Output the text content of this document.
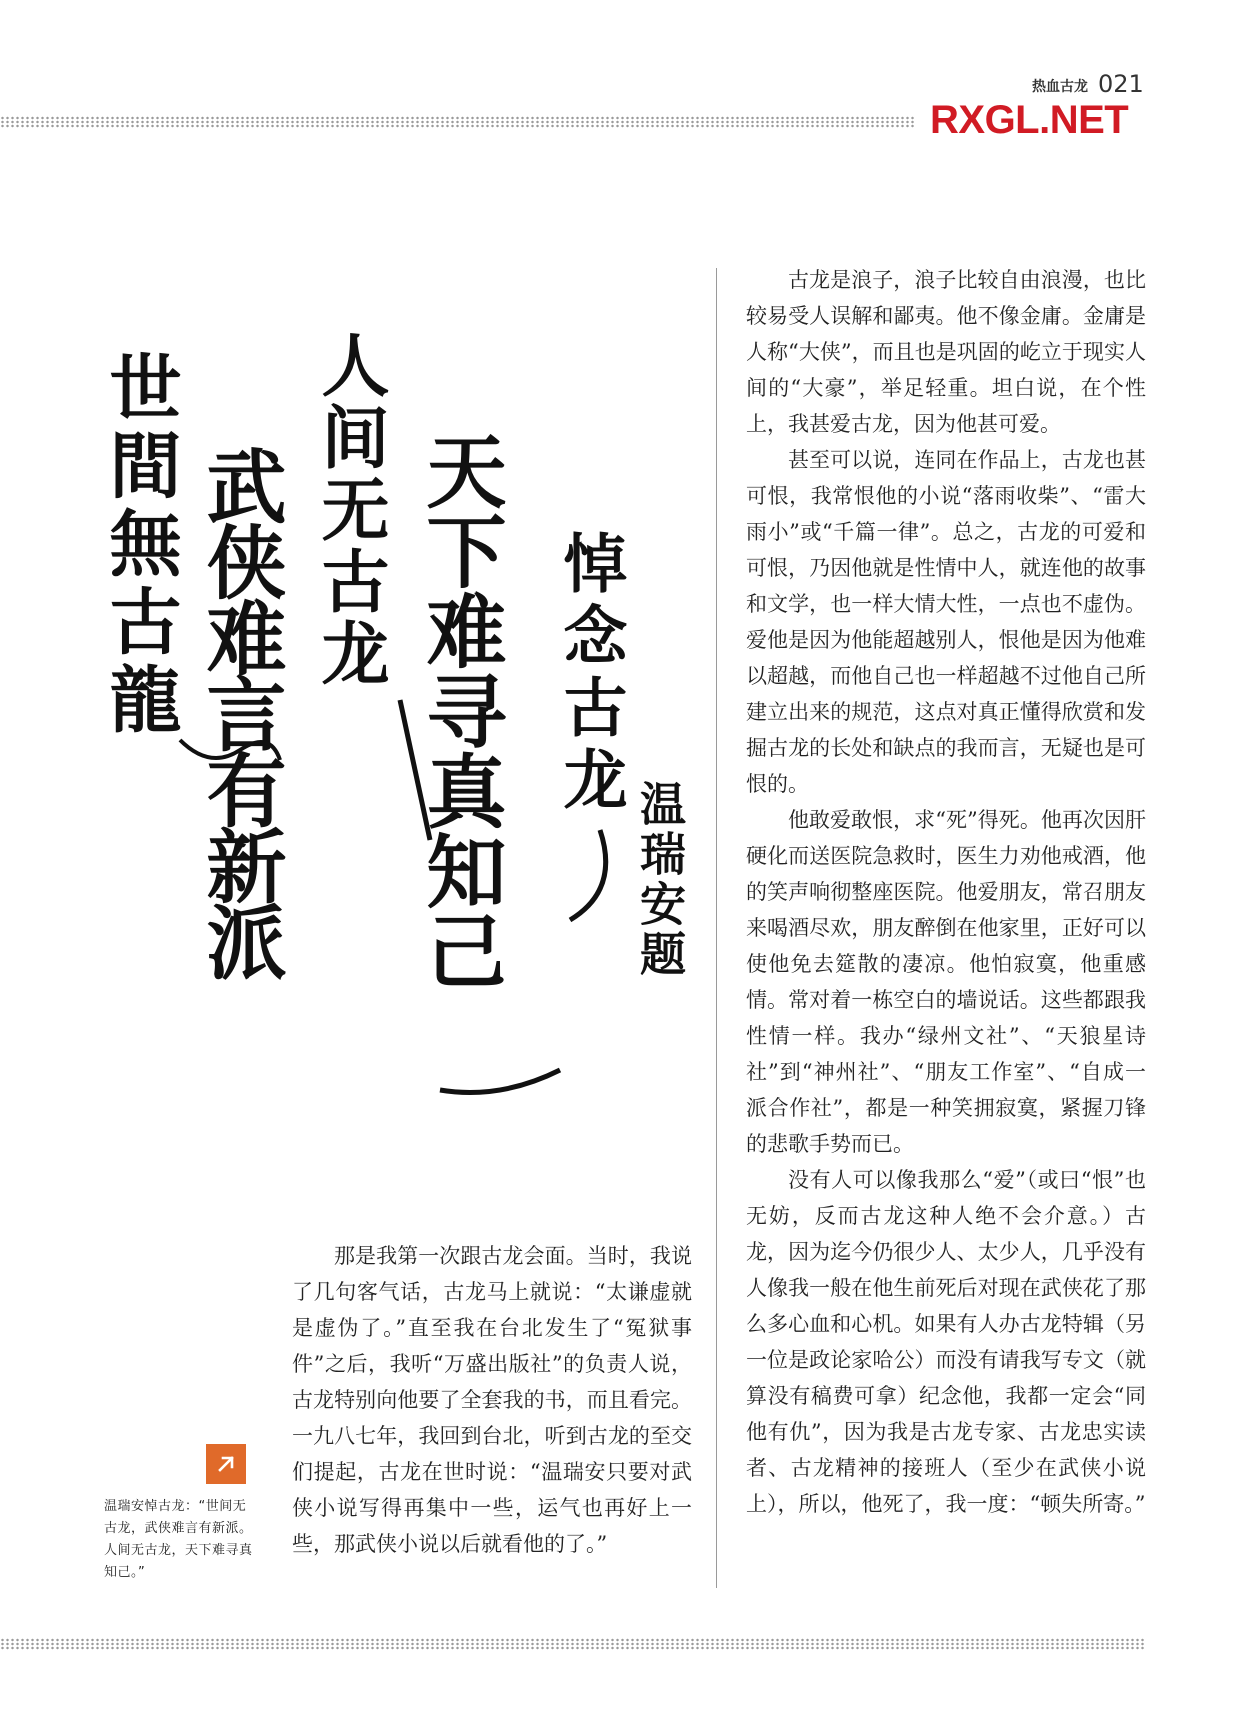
热血古龙 021
RXGL.NET
世間無古龍 武侠难言有新派 人间无古龙 天下难寻真知己 悼念古龙
温瑞安题

古龙是浪子，浪子比较自由浪漫，也比较易受人误解和鄙夷。他不像金庸。金庸是人称“大侠”，而且也是巩固的屹立于现实人间的“大豪”，举足轻重。坦白说，在个性上，我甚爱古龙，因为他甚可爱。

甚至可以说，连同在作品上，古龙也甚可恨，我常恨他的小说“落雨收柴”、“雷大雨小”或“千篇一律”。总之，古龙的可爱和可恨，乃因他就是性情中人，就连他的故事和文学，也一样大情大性，一点也不虚伪。爱他是因为他能超越别人，恨他是因为他难以超越，而他自己也一样超越不过他自己所建立出来的规范，这点对真正懂得欣赏和发掘古龙的长处和缺点的我而言，无疑也是可恨的。

他敢爱敢恨，求“死”得死。他再次因肝硬化而送医院急救时，医生力劝他戒酒，他的笑声响彻整座医院。他爱朋友，常召朋友来喝酒尽欢，朋友醉倒在他家里，正好可以使他免去筵散的凄凉。他怕寂寞，他重感情。常对着一栋空白的墙说话。这些都跟我性情一样。我办“绿州文社”、“天狼星诗社”到“神州社”、“朋友工作室”、“自成一派合作社”，都是一种笑拥寂寞，紧握刀锋的悲歌手势而已。

没有人可以像我那么“爱”（或曰“恨”也无妨，反而古龙这种人绝不会介意。）古龙，因为迄今仍很少人、太少人，几乎没有人像我一般在他生前死后对现在武侠花了那么多心血和心机。如果有人办古龙特辑（另一位是政论家哈公）而没有请我写专文（就算没有稿费可拿）纪念他，我都一定会“同他有仇”，因为我是古龙专家、古龙忠实读者、古龙精神的接班人（至少在武侠小说上），所以，他死了，我一度：“顿失所寄。”

那是我第一次跟古龙会面。当时，我说了几句客气话，古龙马上就说：“太谦虚就是虚伪了。”直至我在台北发生了“冤狱事件”之后，我听“万盛出版社”的负责人说，古龙特别向他要了全套我的书，而且看完。一九八七年，我回到台北，听到古龙的至交们提起，古龙在世时说：“温瑞安只要对武侠小说写得再集中一些，运气也再好上一些，那武侠小说以后就看他的了。”

温瑞安悼古龙：“世间无古龙，武侠难言有新派。人间无古龙，天下难寻真知己。”
